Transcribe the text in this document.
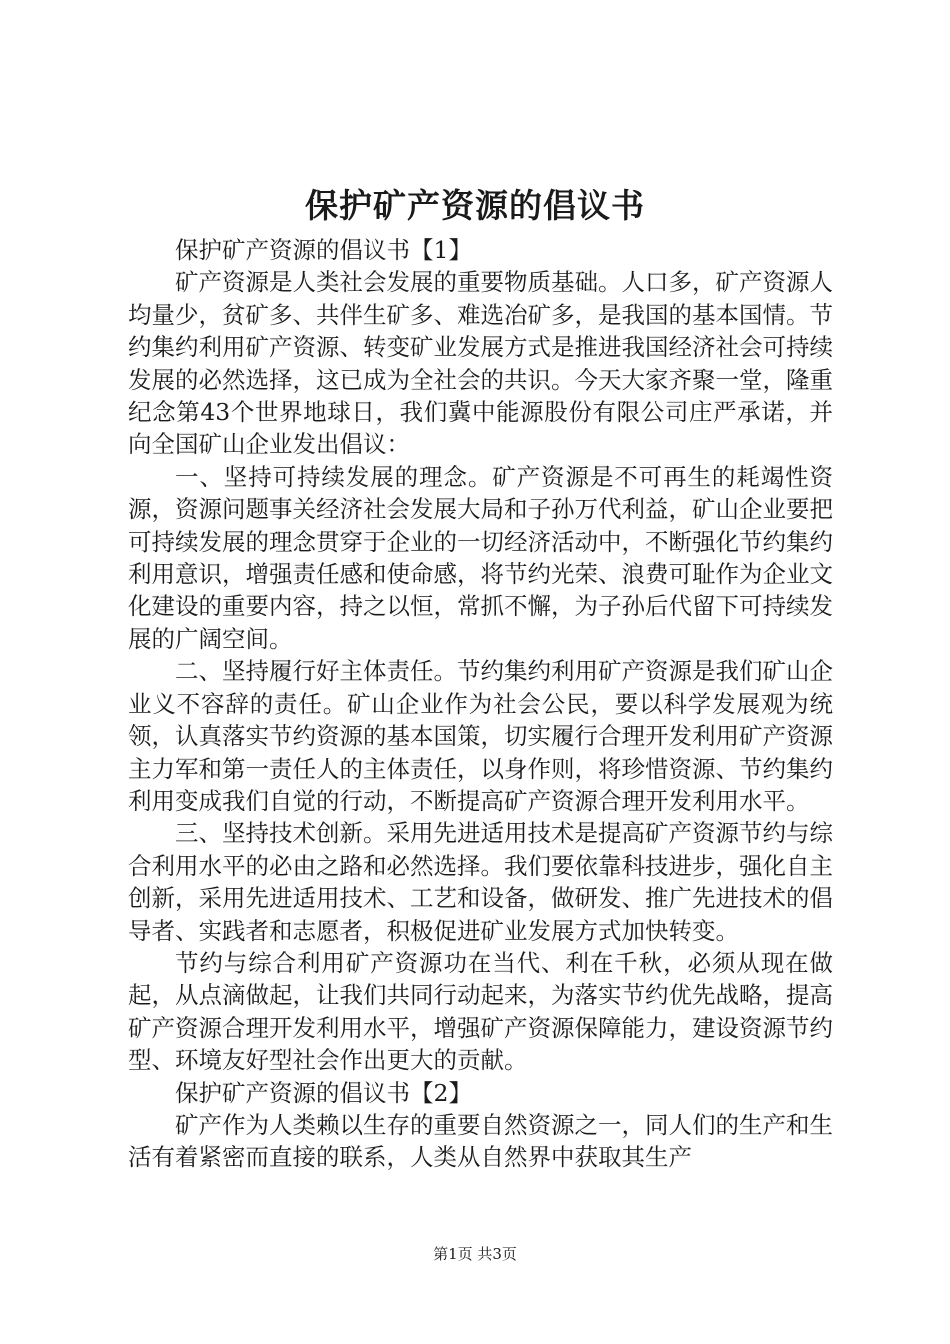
保护矿产资源的倡议书

保护矿产资源的倡议书【1】

矿产资源是人类社会发展的重要物质基础。人口多，矿产资源人均量少，贫矿多、共伴生矿多、难选冶矿多，是我国的基本国情。节约集约利用矿产资源、转变矿业发展方式是推进我国经济社会可持续发展的必然选择，这已成为全社会的共识。今天大家齐聚一堂，隆重纪念第43个世界地球日，我们冀中能源股份有限公司庄严承诺，并向全国矿山企业发出倡议：

一、坚持可持续发展的理念。矿产资源是不可再生的耗竭性资源，资源问题事关经济社会发展大局和子孙万代利益，矿山企业要把可持续发展的理念贯穿于企业的一切经济活动中，不断强化节约集约利用意识，增强责任感和使命感，将节约光荣、浪费可耻作为企业文化建设的重要内容，持之以恒，常抓不懈，为子孙后代留下可持续发展的广阔空间。

二、坚持履行好主体责任。节约集约利用矿产资源是我们矿山企业义不容辞的责任。矿山企业作为社会公民，要以科学发展观为统领，认真落实节约资源的基本国策，切实履行合理开发利用矿产资源主力军和第一责任人的主体责任，以身作则，将珍惜资源、节约集约利用变成我们自觉的行动，不断提高矿产资源合理开发利用水平。

三、坚持技术创新。采用先进适用技术是提高矿产资源节约与综合利用水平的必由之路和必然选择。我们要依靠科技进步，强化自主创新，采用先进适用技术、工艺和设备，做研发、推广先进技术的倡导者、实践者和志愿者，积极促进矿业发展方式加快转变。

节约与综合利用矿产资源功在当代、利在千秋，必须从现在做起，从点滴做起，让我们共同行动起来，为落实节约优先战略，提高矿产资源合理开发利用水平，增强矿产资源保障能力，建设资源节约型、环境友好型社会作出更大的贡献。

保护矿产资源的倡议书【2】

矿产作为人类赖以生存的重要自然资源之一，同人们的生产和生活有着紧密而直接的联系，人类从自然界中获取其生产

第1页 共3页
